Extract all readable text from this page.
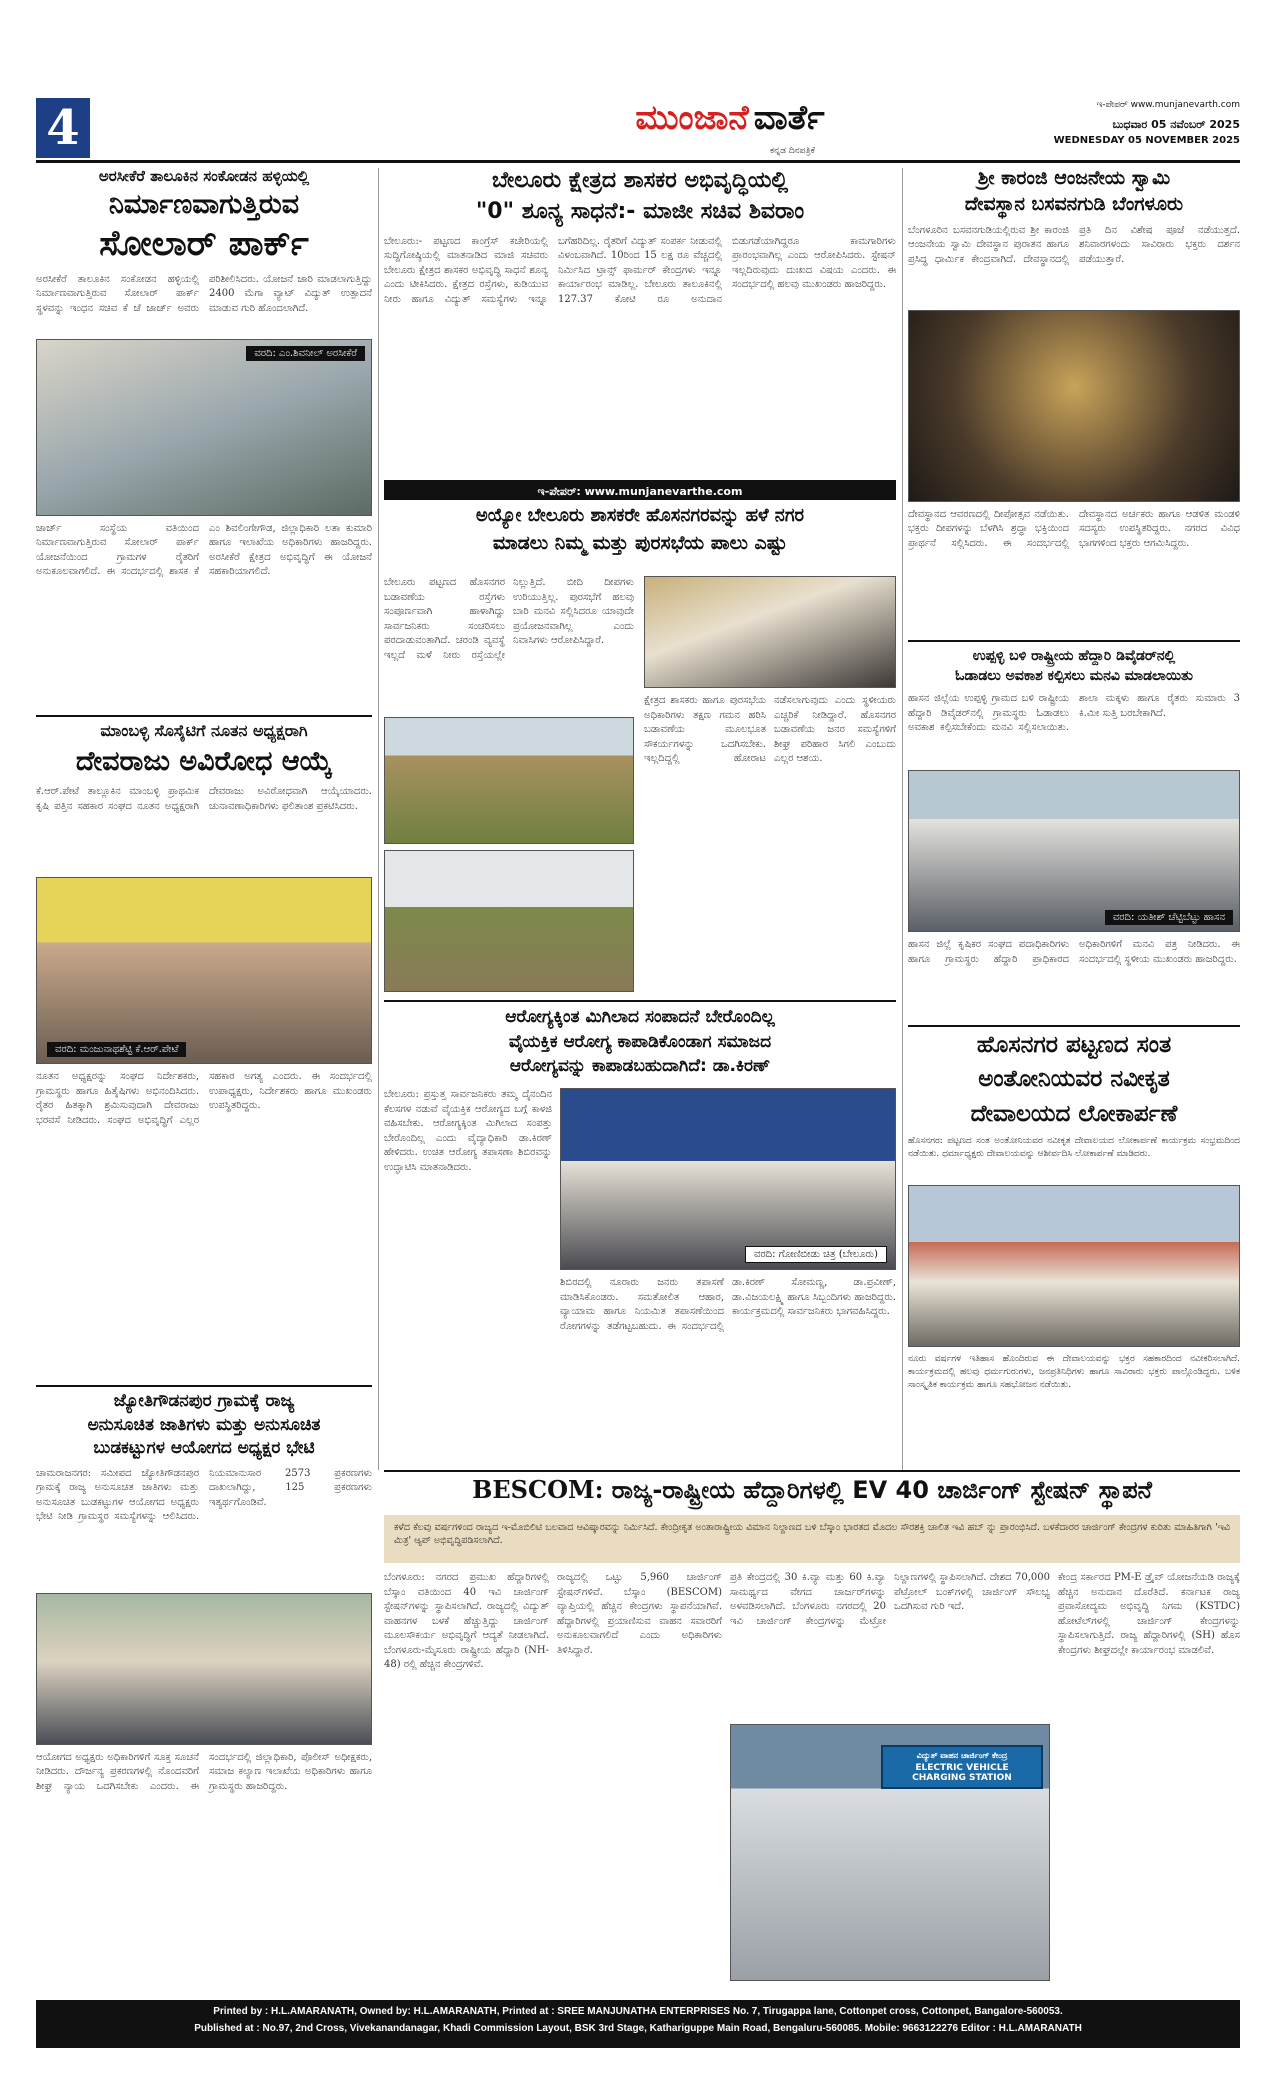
4	ಮುಂಜಾನೆ ವಾರ್ತೆ
ಕನ್ನಡ ದಿನಪತ್ರಿಕೆ
ಇ-ಪೇಪರ್ www.munjanevarth.com
ಬುಧವಾರ 05 ನವೆಂಬರ್ 2025
WEDNESDAY 05 NOVEMBER 2025
ಅರಸೀಕೆರೆ ತಾಲೂಕಿನ ಸಂಕೋಡನ ಹಳ್ಳಿಯಲ್ಲಿ
ನಿರ್ಮಾಣವಾಗುತ್ತಿರುವ
ಸೋಲಾರ್ ಪಾರ್ಕ್
ಅರಸೀಕೆರೆ ತಾಲೂಕಿನ ಸಂಕೋಡನ ಹಳ್ಳಿಯಲ್ಲಿ ನಿರ್ಮಾಣವಾಗುತ್ತಿರುವ ಸೋಲಾರ್ ಪಾರ್ಕ್ ಸ್ಥಳವನ್ನು ಇಂಧನ ಸಚಿವ ಕೆ ಜೆ ಜಾರ್ಜ್ ಅವರು ಪರಿಶೀಲಿಸಿದರು. ಯೋಜನೆ ಜಾರಿ ಮಾಡಲಾಗುತ್ತಿದ್ದು 2400 ಮೆಗಾ ವ್ಯಾಟ್ ವಿದ್ಯುತ್ ಉತ್ಪಾದನೆ ಮಾಡುವ ಗುರಿ ಹೊಂದಲಾಗಿದೆ.
ವರದಿ: ಎಂ.ಶಿವನೀಲ್ ಅರಸೀಕೆರೆ
ಜಾರ್ಜ್ ಸಂಸ್ಥೆಯ ವತಿಯಿಂದ ನಿರ್ಮಾಣವಾಗುತ್ತಿರುವ ಸೋಲಾರ್ ಪಾರ್ಕ್ ಯೋಜನೆಯಿಂದ ಗ್ರಾಮಗಳ ರೈತರಿಗೆ ಅನುಕೂಲವಾಗಲಿದೆ. ಈ ಸಂದರ್ಭದಲ್ಲಿ ಶಾಸಕ ಕೆ ಎಂ ಶಿವಲಿಂಗೇಗೌಡ, ಜಿಲ್ಲಾಧಿಕಾರಿ ಲತಾ ಕುಮಾರಿ ಹಾಗೂ ಇಲಾಖೆಯ ಅಧಿಕಾರಿಗಳು ಹಾಜರಿದ್ದರು. ಅರಸೀಕೆರೆ ಕ್ಷೇತ್ರದ ಅಭಿವೃದ್ಧಿಗೆ ಈ ಯೋಜನೆ ಸಹಕಾರಿಯಾಗಲಿದೆ.
ಮಾಂಬಳ್ಳಿ ಸೊಸೈಟಿಗೆ ನೂತನ ಅಧ್ಯಕ್ಷರಾಗಿ
ದೇವರಾಜು ಅವಿರೋಧ ಆಯ್ಕೆ
ಕೆ.ಆರ್.ಪೇಟೆ ತಾಲ್ಲೂಕಿನ ಮಾಂಬಳ್ಳಿ ಪ್ರಾಥಮಿಕ ಕೃಷಿ ಪತ್ತಿನ ಸಹಕಾರ ಸಂಘದ ನೂತನ ಅಧ್ಯಕ್ಷರಾಗಿ ದೇವರಾಜು ಅವಿರೋಧವಾಗಿ ಆಯ್ಕೆಯಾದರು. ಚುನಾವಣಾಧಿಕಾರಿಗಳು ಫಲಿತಾಂಶ ಪ್ರಕಟಿಸಿದರು.
ವರದಿ: ಮಂಜುನಾಥಶೆಟ್ಟಿ ಕೆ.ಆರ್.ಪೇಟೆ
ನೂತನ ಅಧ್ಯಕ್ಷರನ್ನು ಸಂಘದ ನಿರ್ದೇಶಕರು, ಗ್ರಾಮಸ್ಥರು ಹಾಗೂ ಹಿತೈಷಿಗಳು ಅಭಿನಂದಿಸಿದರು. ರೈತರ ಹಿತಕ್ಕಾಗಿ ಶ್ರಮಿಸುವುದಾಗಿ ದೇವರಾಜು ಭರವಸೆ ನೀಡಿದರು. ಸಂಘದ ಅಭಿವೃದ್ಧಿಗೆ ಎಲ್ಲರ ಸಹಕಾರ ಅಗತ್ಯ ಎಂದರು. ಈ ಸಂದರ್ಭದಲ್ಲಿ ಉಪಾಧ್ಯಕ್ಷರು, ನಿರ್ದೇಶಕರು ಹಾಗೂ ಮುಖಂಡರು ಉಪಸ್ಥಿತರಿದ್ದರು.
ಜ್ಯೋತಿಗೌಡನಪುರ ಗ್ರಾಮಕ್ಕೆ ರಾಜ್ಯ
ಅನುಸೂಚಿತ ಜಾತಿಗಳು ಮತ್ತು ಅನುಸೂಚಿತ
ಬುಡಕಟ್ಟುಗಳ ಆಯೋಗದ ಅಧ್ಯಕ್ಷರ ಭೇಟಿ
ಚಾಮರಾಜನಗರ: ಸಮೀಪದ ಜ್ಯೋತಿಗೌಡನಪುರ ಗ್ರಾಮಕ್ಕೆ ರಾಜ್ಯ ಅನುಸೂಚಿತ ಜಾತಿಗಳು ಮತ್ತು ಅನುಸೂಚಿತ ಬುಡಕಟ್ಟುಗಳ ಆಯೋಗದ ಅಧ್ಯಕ್ಷರು ಭೇಟಿ ನೀಡಿ ಗ್ರಾಮಸ್ಥರ ಸಮಸ್ಯೆಗಳನ್ನು ಆಲಿಸಿದರು. ನಿಯಮಾನುಸಾರ 2573 ಪ್ರಕರಣಗಳು ದಾಖಲಾಗಿದ್ದು, 125 ಪ್ರಕರಣಗಳು ಇತ್ಯರ್ಥಗೊಂಡಿವೆ.
ಆಯೋಗದ ಅಧ್ಯಕ್ಷರು ಅಧಿಕಾರಿಗಳಿಗೆ ಸೂಕ್ತ ಸೂಚನೆ ನೀಡಿದರು. ದೌರ್ಜನ್ಯ ಪ್ರಕರಣಗಳಲ್ಲಿ ನೊಂದವರಿಗೆ ಶೀಘ್ರ ನ್ಯಾಯ ಒದಗಿಸಬೇಕು ಎಂದರು. ಈ ಸಂದರ್ಭದಲ್ಲಿ ಜಿಲ್ಲಾಧಿಕಾರಿ, ಪೊಲೀಸ್ ಅಧೀಕ್ಷಕರು, ಸಮಾಜ ಕಲ್ಯಾಣ ಇಲಾಖೆಯ ಅಧಿಕಾರಿಗಳು ಹಾಗೂ ಗ್ರಾಮಸ್ಥರು ಹಾಜರಿದ್ದರು.
ಬೇಲೂರು ಕ್ಷೇತ್ರದ ಶಾಸಕರ ಅಭಿವೃದ್ಧಿಯಲ್ಲಿ
"0" ಶೂನ್ಯ ಸಾಧನೆ:- ಮಾಜೀ ಸಚಿವ ಶಿವರಾಂ
ಬೇಲೂರು:- ಪಟ್ಟಣದ ಕಾಂಗ್ರೆಸ್ ಕಚೇರಿಯಲ್ಲಿ ಸುದ್ದಿಗೋಷ್ಠಿಯಲ್ಲಿ ಮಾತನಾಡಿದ ಮಾಜಿ ಸಚಿವರು ಬೇಲೂರು ಕ್ಷೇತ್ರದ ಶಾಸಕರ ಅಭಿವೃದ್ಧಿ ಸಾಧನೆ ಶೂನ್ಯ ಎಂದು ಟೀಕಿಸಿದರು. ಕ್ಷೇತ್ರದ ರಸ್ತೆಗಳು, ಕುಡಿಯುವ ನೀರು ಹಾಗೂ ವಿದ್ಯುತ್ ಸಮಸ್ಯೆಗಳು ಇನ್ನೂ ಬಗೆಹರಿದಿಲ್ಲ. ರೈತರಿಗೆ ವಿದ್ಯುತ್ ಸಂಪರ್ಕ ನೀಡುವಲ್ಲಿ ವಿಳಂಬವಾಗಿದೆ. 10ರಿಂದ 15 ಲಕ್ಷ ರೂ ವೆಚ್ಚದಲ್ಲಿ ನಿರ್ಮಿಸಿದ ಟ್ರಾನ್ಸ್ ಫಾರ್ಮರ್ ಕೇಂದ್ರಗಳು ಇನ್ನೂ ಕಾರ್ಯಾರಂಭ ಮಾಡಿಲ್ಲ. ಬೇಲೂರು ತಾಲೂಕಿನಲ್ಲಿ 127.37 ಕೋಟಿ ರೂ ಅನುದಾನ ಬಿಡುಗಡೆಯಾಗಿದ್ದರೂ ಕಾಮಗಾರಿಗಳು ಪ್ರಾರಂಭವಾಗಿಲ್ಲ ಎಂದು ಆರೋಪಿಸಿದರು. ಸ್ಟೇಷನ್ ಇಲ್ಲದಿರುವುದು ದುಃಖದ ವಿಷಯ ಎಂದರು. ಈ ಸಂದರ್ಭದಲ್ಲಿ ಹಲವು ಮುಖಂಡರು ಹಾಜರಿದ್ದರು.
ಇ-ಪೇಪರ್: www.munjanevarthe.com
ಅಯ್ಯೋ ಬೇಲೂರು ಶಾಸಕರೇ ಹೊಸನಗರವನ್ನು ಹಳೆ ನಗರ
ಮಾಡಲು ನಿಮ್ಮ ಮತ್ತು ಪುರಸಭೆಯ ಪಾಲು ಎಷ್ಟು
ಬೇಲೂರು ಪಟ್ಟಣದ ಹೊಸನಗರ ಬಡಾವಣೆಯ ರಸ್ತೆಗಳು ಸಂಪೂರ್ಣವಾಗಿ ಹಾಳಾಗಿದ್ದು ಸಾರ್ವಜನಿಕರು ಸಂಚರಿಸಲು ಪರದಾಡುವಂತಾಗಿದೆ. ಚರಂಡಿ ವ್ಯವಸ್ಥೆ ಇಲ್ಲದೆ ಮಳೆ ನೀರು ರಸ್ತೆಯಲ್ಲೇ ನಿಲ್ಲುತ್ತಿದೆ. ಬೀದಿ ದೀಪಗಳು ಉರಿಯುತ್ತಿಲ್ಲ. ಪುರಸಭೆಗೆ ಹಲವು ಬಾರಿ ಮನವಿ ಸಲ್ಲಿಸಿದರೂ ಯಾವುದೇ ಪ್ರಯೋಜನವಾಗಿಲ್ಲ ಎಂದು ನಿವಾಸಿಗಳು ಆರೋಪಿಸಿದ್ದಾರೆ.
ಕ್ಷೇತ್ರದ ಶಾಸಕರು ಹಾಗೂ ಪುರಸಭೆಯ ಅಧಿಕಾರಿಗಳು ತಕ್ಷಣ ಗಮನ ಹರಿಸಿ ಬಡಾವಣೆಯ ಮೂಲಭೂತ ಸೌಕರ್ಯಗಳನ್ನು ಒದಗಿಸಬೇಕು. ಇಲ್ಲದಿದ್ದಲ್ಲಿ ಹೋರಾಟ ನಡೆಸಲಾಗುವುದು ಎಂದು ಸ್ಥಳೀಯರು ಎಚ್ಚರಿಕೆ ನೀಡಿದ್ದಾರೆ. ಹೊಸನಗರ ಬಡಾವಣೆಯ ಜನರ ಸಮಸ್ಯೆಗಳಿಗೆ ಶೀಘ್ರ ಪರಿಹಾರ ಸಿಗಲಿ ಎಂಬುದು ಎಲ್ಲರ ಆಶಯ.
ಆರೋಗ್ಯಕ್ಕಿಂತ ಮಿಗಿಲಾದ ಸಂಪಾದನೆ ಬೇರೊಂದಿಲ್ಲ
ವೈಯಕ್ತಿಕ ಆರೋಗ್ಯ ಕಾಪಾಡಿಕೊಂಡಾಗ ಸಮಾಜದ
ಆರೋಗ್ಯವನ್ನು ಕಾಪಾಡಬಹುದಾಗಿದೆ: ಡಾ.ಕಿರಣ್
ಬೇಲೂರು: ಪ್ರಸ್ತುತ್ತ ಸಾರ್ವಜನಿಕರು ತಮ್ಮ ದೈನಂದಿನ ಕೆಲಸಗಳ ನಡುವೆ ವೈಯಕ್ತಿಕ ಆರೋಗ್ಯದ ಬಗ್ಗೆ ಕಾಳಜಿ ವಹಿಸಬೇಕು. ಆರೋಗ್ಯಕ್ಕಿಂತ ಮಿಗಿಲಾದ ಸಂಪತ್ತು ಬೇರೊಂದಿಲ್ಲ ಎಂದು ವೈದ್ಯಾಧಿಕಾರಿ ಡಾ.ಕಿರಣ್ ಹೇಳಿದರು. ಉಚಿತ ಆರೋಗ್ಯ ತಪಾಸಣಾ ಶಿಬಿರವನ್ನು ಉದ್ಘಾಟಿಸಿ ಮಾತನಾಡಿದರು.
ವರದಿ: ಗೋಣಿಬೀಡು ಚಿತ್ರ (ಬೇಲೂರು)
ಶಿಬಿರದಲ್ಲಿ ನೂರಾರು ಜನರು ತಪಾಸಣೆ ಮಾಡಿಸಿಕೊಂಡರು. ಸಮತೋಲಿತ ಆಹಾರ, ವ್ಯಾಯಾಮ ಹಾಗೂ ನಿಯಮಿತ ತಪಾಸಣೆಯಿಂದ ರೋಗಗಳನ್ನು ತಡೆಗಟ್ಟಬಹುದು. ಈ ಸಂದರ್ಭದಲ್ಲಿ ಡಾ.ಕಿರಣ್ ಸೋಮಣ್ಣ, ಡಾ.ಪ್ರವೀಣ್, ಡಾ.ವಿಜಯಲಕ್ಷ್ಮಿ ಹಾಗೂ ಸಿಬ್ಬಂದಿಗಳು ಹಾಜರಿದ್ದರು. ಕಾರ್ಯಕ್ರಮದಲ್ಲಿ ಸಾರ್ವಜನಿಕರು ಭಾಗವಹಿಸಿದ್ದರು.
ಶ್ರೀ ಕಾರಂಜಿ ಆಂಜನೇಯ ಸ್ವಾಮಿ
ದೇವಸ್ಥಾನ ಬಸವನಗುಡಿ ಬೆಂಗಳೂರು
ಬೆಂಗಳೂರಿನ ಬಸವನಗುಡಿಯಲ್ಲಿರುವ ಶ್ರೀ ಕಾರಂಜಿ ಆಂಜನೇಯ ಸ್ವಾಮಿ ದೇವಸ್ಥಾನ ಪುರಾತನ ಹಾಗೂ ಪ್ರಸಿದ್ಧ ಧಾರ್ಮಿಕ ಕೇಂದ್ರವಾಗಿದೆ. ದೇವಸ್ಥಾನದಲ್ಲಿ ಪ್ರತಿ ದಿನ ವಿಶೇಷ ಪೂಜೆ ನಡೆಯುತ್ತದೆ. ಶನಿವಾರಗಳಂದು ಸಾವಿರಾರು ಭಕ್ತರು ದರ್ಶನ ಪಡೆಯುತ್ತಾರೆ.
ದೇವಸ್ಥಾನದ ಆವರಣದಲ್ಲಿ ದೀಪೋತ್ಸವ ನಡೆಯಿತು. ಭಕ್ತರು ದೀಪಗಳನ್ನು ಬೆಳಗಿಸಿ ಶ್ರದ್ಧಾ ಭಕ್ತಿಯಿಂದ ಪ್ರಾರ್ಥನೆ ಸಲ್ಲಿಸಿದರು. ಈ ಸಂದರ್ಭದಲ್ಲಿ ದೇವಸ್ಥಾನದ ಅರ್ಚಕರು ಹಾಗೂ ಆಡಳಿತ ಮಂಡಳಿ ಸದಸ್ಯರು ಉಪಸ್ಥಿತರಿದ್ದರು. ನಗರದ ವಿವಿಧ ಭಾಗಗಳಿಂದ ಭಕ್ತರು ಆಗಮಿಸಿದ್ದರು.
ಉಪ್ಪಳ್ಳಿ ಬಳಿ ರಾಷ್ಟ್ರೀಯ ಹೆದ್ದಾರಿ ಡಿವೈಡರ್‌ನಲ್ಲಿ
ಓಡಾಡಲು ಅವಕಾಶ ಕಲ್ಪಿಸಲು ಮನವಿ ಮಾಡಲಾಯಿತು
ಹಾಸನ ಜಿಲ್ಲೆಯ ಉಪ್ಪಳ್ಳಿ ಗ್ರಾಮದ ಬಳಿ ರಾಷ್ಟ್ರೀಯ ಹೆದ್ದಾರಿ ಡಿವೈಡರ್‌ನಲ್ಲಿ ಗ್ರಾಮಸ್ಥರು ಓಡಾಡಲು ಅವಕಾಶ ಕಲ್ಪಿಸಬೇಕೆಂದು ಮನವಿ ಸಲ್ಲಿಸಲಾಯಿತು. ಶಾಲಾ ಮಕ್ಕಳು ಹಾಗೂ ರೈತರು ಸುಮಾರು 3 ಕಿ.ಮೀ ಸುತ್ತಿ ಬರಬೇಕಾಗಿದೆ.
ವರದಿ: ಯತೀಶ್ ಚೆಟ್ಟಿಬೆಟ್ಟು ಹಾಸನ
ಹಾಸನ ಜಿಲ್ಲೆ ಕೃಷಿಕರ ಸಂಘದ ಪದಾಧಿಕಾರಿಗಳು ಹಾಗೂ ಗ್ರಾಮಸ್ಥರು ಹೆದ್ದಾರಿ ಪ್ರಾಧಿಕಾರದ ಅಧಿಕಾರಿಗಳಿಗೆ ಮನವಿ ಪತ್ರ ನೀಡಿದರು. ಈ ಸಂದರ್ಭದಲ್ಲಿ ಸ್ಥಳೀಯ ಮುಖಂಡರು ಹಾಜರಿದ್ದರು.
ಹೊಸನಗರ ಪಟ್ಟಣದ ಸಂತ
ಅಂತೋನಿಯವರ ನವೀಕೃತ
ದೇವಾಲಯದ ಲೋಕಾರ್ಪಣೆ
ಹೊಸನಗರ: ಪಟ್ಟಣದ ಸಂತ ಅಂತೋನಿಯವರ ನವೀಕೃತ ದೇವಾಲಯದ ಲೋಕಾರ್ಪಣೆ ಕಾರ್ಯಕ್ರಮ ಸಂಭ್ರಮದಿಂದ ನಡೆಯಿತು. ಧರ್ಮಾಧ್ಯಕ್ಷರು ದೇವಾಲಯವನ್ನು ಆಶೀರ್ವದಿಸಿ ಲೋಕಾರ್ಪಣೆ ಮಾಡಿದರು.
ನೂರು ವರ್ಷಗಳ ಇತಿಹಾಸ ಹೊಂದಿರುವ ಈ ದೇವಾಲಯವನ್ನು ಭಕ್ತರ ಸಹಕಾರದಿಂದ ನವೀಕರಿಸಲಾಗಿದೆ. ಕಾರ್ಯಕ್ರಮದಲ್ಲಿ ಹಲವು ಧರ್ಮಗುರುಗಳು, ಜನಪ್ರತಿನಿಧಿಗಳು ಹಾಗೂ ಸಾವಿರಾರು ಭಕ್ತರು ಪಾಲ್ಗೊಂಡಿದ್ದರು. ಬಳಿಕ ಸಾಂಸ್ಕೃತಿಕ ಕಾರ್ಯಕ್ರಮ ಹಾಗೂ ಸಹಭೋಜನ ನಡೆಯಿತು.
BESCOM: ರಾಜ್ಯ-ರಾಷ್ಟ್ರೀಯ ಹೆದ್ದಾರಿಗಳಲ್ಲಿ EV 40 ಚಾರ್ಜಿಂಗ್ ಸ್ಟೇಷನ್ ಸ್ಥಾಪನೆ
ಕಳೆದ ಕೆಲವು ವರ್ಷಗಳಿಂದ ರಾಜ್ಯದ ಇ-ಮೊಬಿಲಿಟಿ ಬಲವಾದ ಆವಿಷ್ಕಾರವನ್ನು ನಿರ್ಮಿಸಿದೆ. ಕೇಂದ್ರೀಕೃತ ಅಂತಾರಾಷ್ಟ್ರೀಯ ವಿಮಾನ ನಿಲ್ದಾಣದ ಬಳಿ ಬೆಸ್ಕಾಂ ಭಾರತದ ಮೊದಲ ಸೌರಶಕ್ತಿ ಚಾಲಿತ ಇವಿ ಹಬ್ ನ್ನು ಪ್ರಾರಂಭಿಸಿದೆ. ಬಳಕೆದಾರರ ಚಾರ್ಜಿಂಗ್ ಕೇಂದ್ರಗಳ ಕುರಿತು ಮಾಹಿತಿಗಾಗಿ 'ಇವಿ ಮಿತ್ರ' ಆ್ಯಪ್ ಅಭಿವೃದ್ಧಿಪಡಿಸಲಾಗಿದೆ.
ಬೆಂಗಳೂರು: ನಗರದ ಪ್ರಮುಖ ಹೆದ್ದಾರಿಗಳಲ್ಲಿ ಬೆಸ್ಕಾಂ ವತಿಯಿಂದ 40 ಇವಿ ಚಾರ್ಜಿಂಗ್ ಸ್ಟೇಷನ್‌ಗಳನ್ನು ಸ್ಥಾಪಿಸಲಾಗಿದೆ. ರಾಜ್ಯದಲ್ಲಿ ವಿದ್ಯುತ್ ವಾಹನಗಳ ಬಳಕೆ ಹೆಚ್ಚುತ್ತಿದ್ದು ಚಾರ್ಜಿಂಗ್ ಮೂಲಸೌಕರ್ಯ ಅಭಿವೃದ್ಧಿಗೆ ಆದ್ಯತೆ ನೀಡಲಾಗಿದೆ. ಬೆಂಗಳೂರು-ಮೈಸೂರು ರಾಷ್ಟ್ರೀಯ ಹೆದ್ದಾರಿ (NH-48) ರಲ್ಲಿ ಹೆಚ್ಚಿನ ಕೇಂದ್ರಗಳಿವೆ.
ರಾಜ್ಯದಲ್ಲಿ ಒಟ್ಟು 5,960 ಚಾರ್ಜಿಂಗ್ ಸ್ಟೇಷನ್‌ಗಳಿವೆ. ಬೆಸ್ಕಾಂ (BESCOM) ವ್ಯಾಪ್ತಿಯಲ್ಲಿ ಹೆಚ್ಚಿನ ಕೇಂದ್ರಗಳು ಸ್ಥಾಪನೆಯಾಗಿವೆ. ಹೆದ್ದಾರಿಗಳಲ್ಲಿ ಪ್ರಯಾಣಿಸುವ ವಾಹನ ಸವಾರರಿಗೆ ಅನುಕೂಲವಾಗಲಿದೆ ಎಂದು ಅಧಿಕಾರಿಗಳು ತಿಳಿಸಿದ್ದಾರೆ.
ಪ್ರತಿ ಕೇಂದ್ರದಲ್ಲಿ 30 ಕಿ.ವ್ಯಾ ಮತ್ತು 60 ಕಿ.ವ್ಯಾ ಸಾಮರ್ಥ್ಯದ ವೇಗದ ಚಾರ್ಜರ್‌ಗಳನ್ನು ಅಳವಡಿಸಲಾಗಿದೆ. ಬೆಂಗಳೂರು ನಗರದಲ್ಲಿ 20 ಇವಿ ಚಾರ್ಜಿಂಗ್ ಕೇಂದ್ರಗಳನ್ನು ಮೆಟ್ರೋ ನಿಲ್ದಾಣಗಳಲ್ಲಿ ಸ್ಥಾಪಿಸಲಾಗಿದೆ. ದೇಶದ 70,000 ಪೆಟ್ರೋಲ್ ಬಂಕ್‌ಗಳಲ್ಲಿ ಚಾರ್ಜಿಂಗ್ ಸೌಲಭ್ಯ ಒದಗಿಸುವ ಗುರಿ ಇದೆ.
ವಿದ್ಯುತ್ ವಾಹನ ಚಾರ್ಜಿಂಗ್ ಕೇಂದ್ರ
ELECTRIC VEHICLE CHARGING STATION
ಕೇಂದ್ರ ಸರ್ಕಾರದ PM-E ಡ್ರೈವ್ ಯೋಜನೆಯಡಿ ರಾಜ್ಯಕ್ಕೆ ಹೆಚ್ಚಿನ ಅನುದಾನ ದೊರೆತಿದೆ. ಕರ್ನಾಟಕ ರಾಜ್ಯ ಪ್ರವಾಸೋದ್ಯಮ ಅಭಿವೃದ್ಧಿ ನಿಗಮ (KSTDC) ಹೋಟೆಲ್‌ಗಳಲ್ಲಿ ಚಾರ್ಜಿಂಗ್ ಕೇಂದ್ರಗಳನ್ನು ಸ್ಥಾಪಿಸಲಾಗುತ್ತಿದೆ. ರಾಜ್ಯ ಹೆದ್ದಾರಿಗಳಲ್ಲಿ (SH) ಹೊಸ ಕೇಂದ್ರಗಳು ಶೀಘ್ರದಲ್ಲೇ ಕಾರ್ಯಾರಂಭ ಮಾಡಲಿವೆ.
Printed by : H.L.AMARANATH, Owned by: H.L.AMARANATH, Printed at : SREE MANJUNATHA ENTERPRISES No. 7, Tirugappa lane, Cottonpet cross, Cottonpet, Bangalore-560053.
Published at : No.97, 2nd Cross, Vivekanandanagar, Khadi Commission Layout, BSK 3rd Stage, Kathariguppe Main Road, Bengaluru-560085. Mobile: 9663122276 Editor : H.L.AMARANATH
